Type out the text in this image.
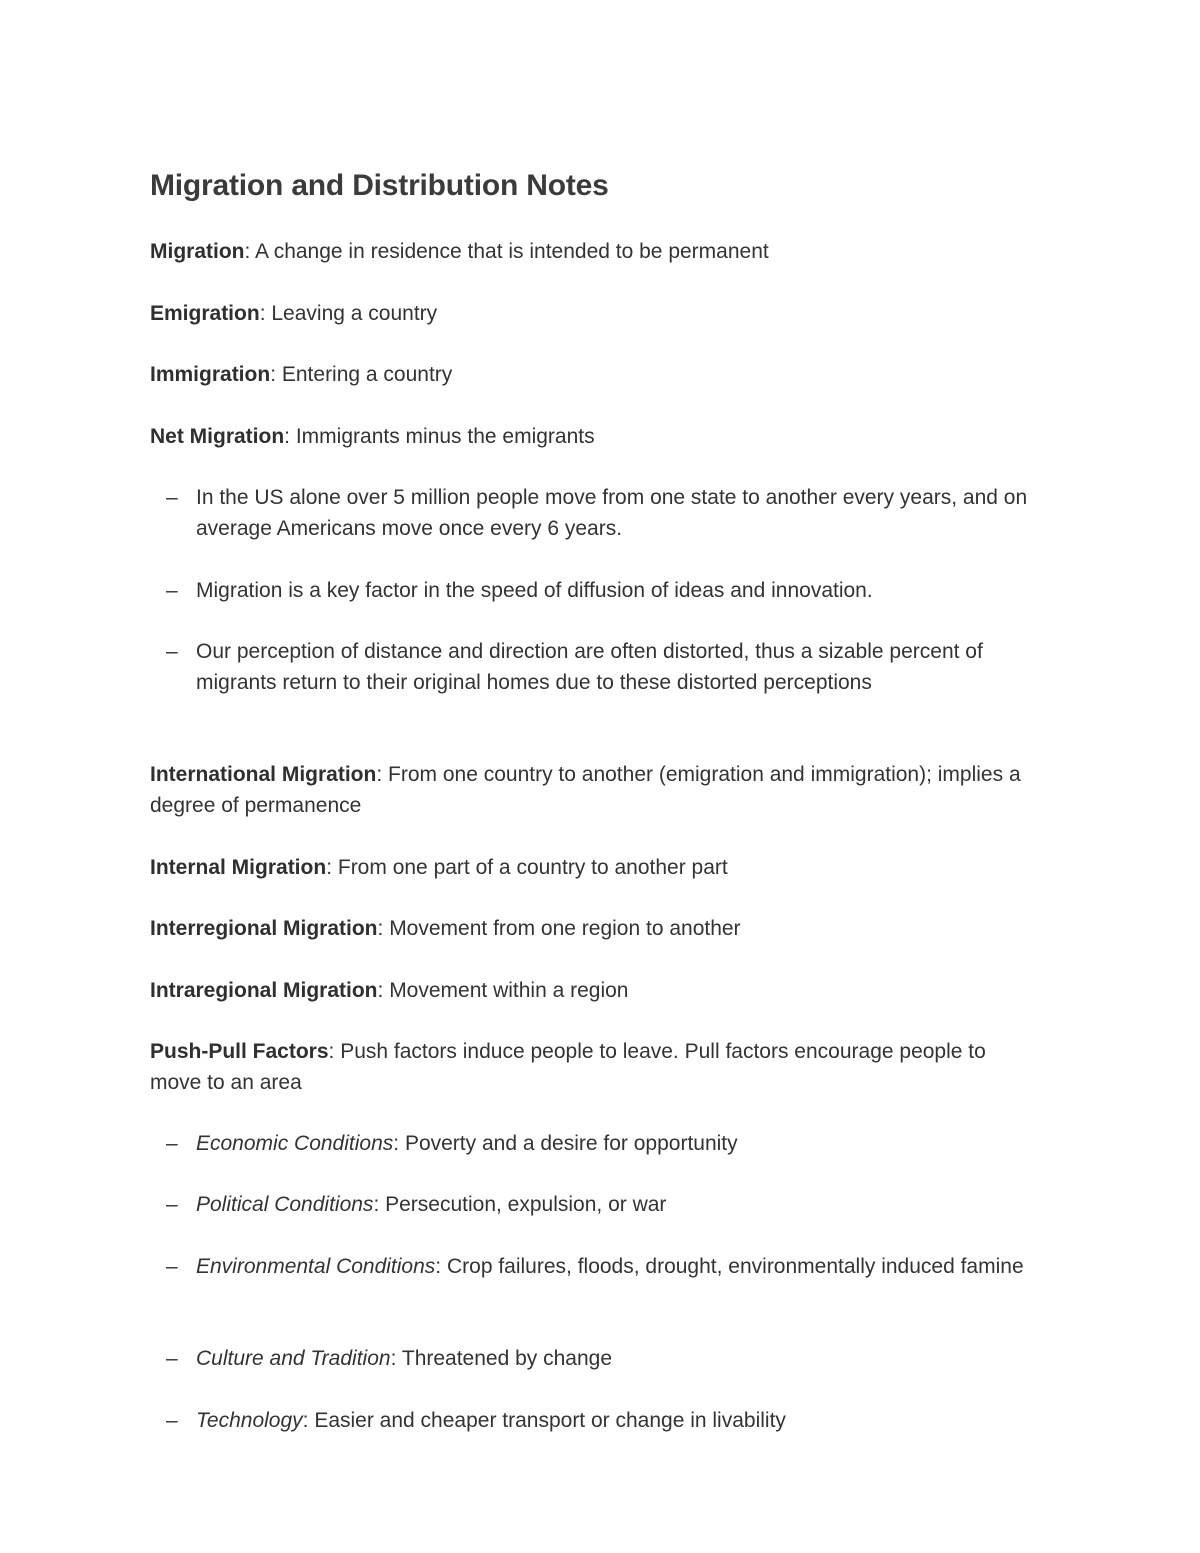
Migration and Distribution Notes

Migration: A change in residence that is intended to be permanent

Emigration: Leaving a country

Immigration: Entering a country

Net Migration: Immigrants minus the emigrants

– In the US alone over 5 million people move from one state to another every years, and on average Americans move once every 6 years.

– Migration is a key factor in the speed of diffusion of ideas and innovation.

– Our perception of distance and direction are often distorted, thus a sizable percent of migrants return to their original homes due to these distorted perceptions

International Migration: From one country to another (emigration and immigration); implies a degree of permanence

Internal Migration: From one part of a country to another part

Interregional Migration: Movement from one region to another

Intraregional Migration: Movement within a region

Push-Pull Factors: Push factors induce people to leave. Pull factors encourage people to move to an area

– Economic Conditions: Poverty and a desire for opportunity

– Political Conditions: Persecution, expulsion, or war

– Environmental Conditions: Crop failures, floods, drought, environmentally induced famine

– Culture and Tradition: Threatened by change

– Technology: Easier and cheaper transport or change in livability
